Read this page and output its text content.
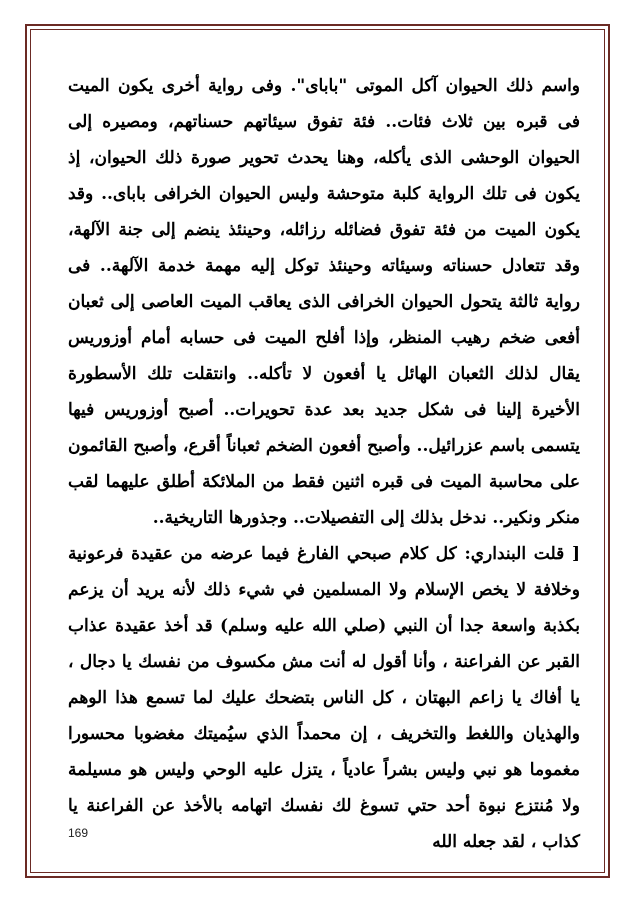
واسم ذلك الحيوان آكل الموتى "باباى". وفى رواية أخرى يكون الميت فى قبره بين ثلاث فئات.. فئة تفوق سيئاتهم حسناتهم، ومصيره إلى الحيوان الوحشى الذى يأكله، وهنا يحدث تحوير صورة ذلك الحيوان، إذ يكون فى تلك الرواية كلبة متوحشة وليس الحيوان الخرافى باباى.. وقد يكون الميت من فئة تفوق فضائله رزائله، وحينئذ ينضم إلى جنة الآلهة، وقد تتعادل حسناته وسيئاته وحينئذ توكل إليه مهمة خدمة الآلهة.. فى رواية ثالثة يتحول الحيوان الخرافى الذى يعاقب الميت العاصى إلى ثعبان أفعى ضخم رهيب المنظر، وإذا أفلح الميت فى حسابه أمام أوزوريس يقال لذلك الثعبان الهائل يا أفعون لا تأكله.. وانتقلت تلك الأسطورة الأخيرة إلينا فى شكل جديد بعد عدة تحويرات.. أصبح أوزوريس فيها يتسمى باسم عزرائيل.. وأصبح أفعون الضخم ثعباناً أقرع، وأصبح القائمون على محاسبة الميت فى قبره اثنين فقط من الملائكة أطلق عليهما لقب منكر ونكير.. ندخل بذلك إلى التفصيلات.. وجذورها التاريخية..

[ قلت البنداري: كل كلام صبحي الفارغ فيما عرضه من عقيدة فرعونية وخلافة لا يخص الإسلام ولا المسلمين في شيء ذلك لأنه يريد أن يزعم بكذبة واسعة جدا أن النبي (صلي الله عليه وسلم) قد أخذ عقيدة عذاب القبر عن الفراعنة ، وأنا أقول له أنت مش مكسوف من نفسك يا دجال ، يا أفاك يا زاعم البهتان ، كل الناس بتضحك عليك لما تسمع هذا الوهم والهذيان واللغط والتخريف ، إن محمداً الذي سيُميتك مغضوبا محسورا مغموما هو نبي وليس بشراً عادياً ، يتزل عليه الوحي وليس هو مسيلمة ولا مُنتزع نبوة أحد حتي تسوغ لك نفسك اتهامه بالأخذ عن الفراعنة يا كذاب ، لقد جعله الله

169
